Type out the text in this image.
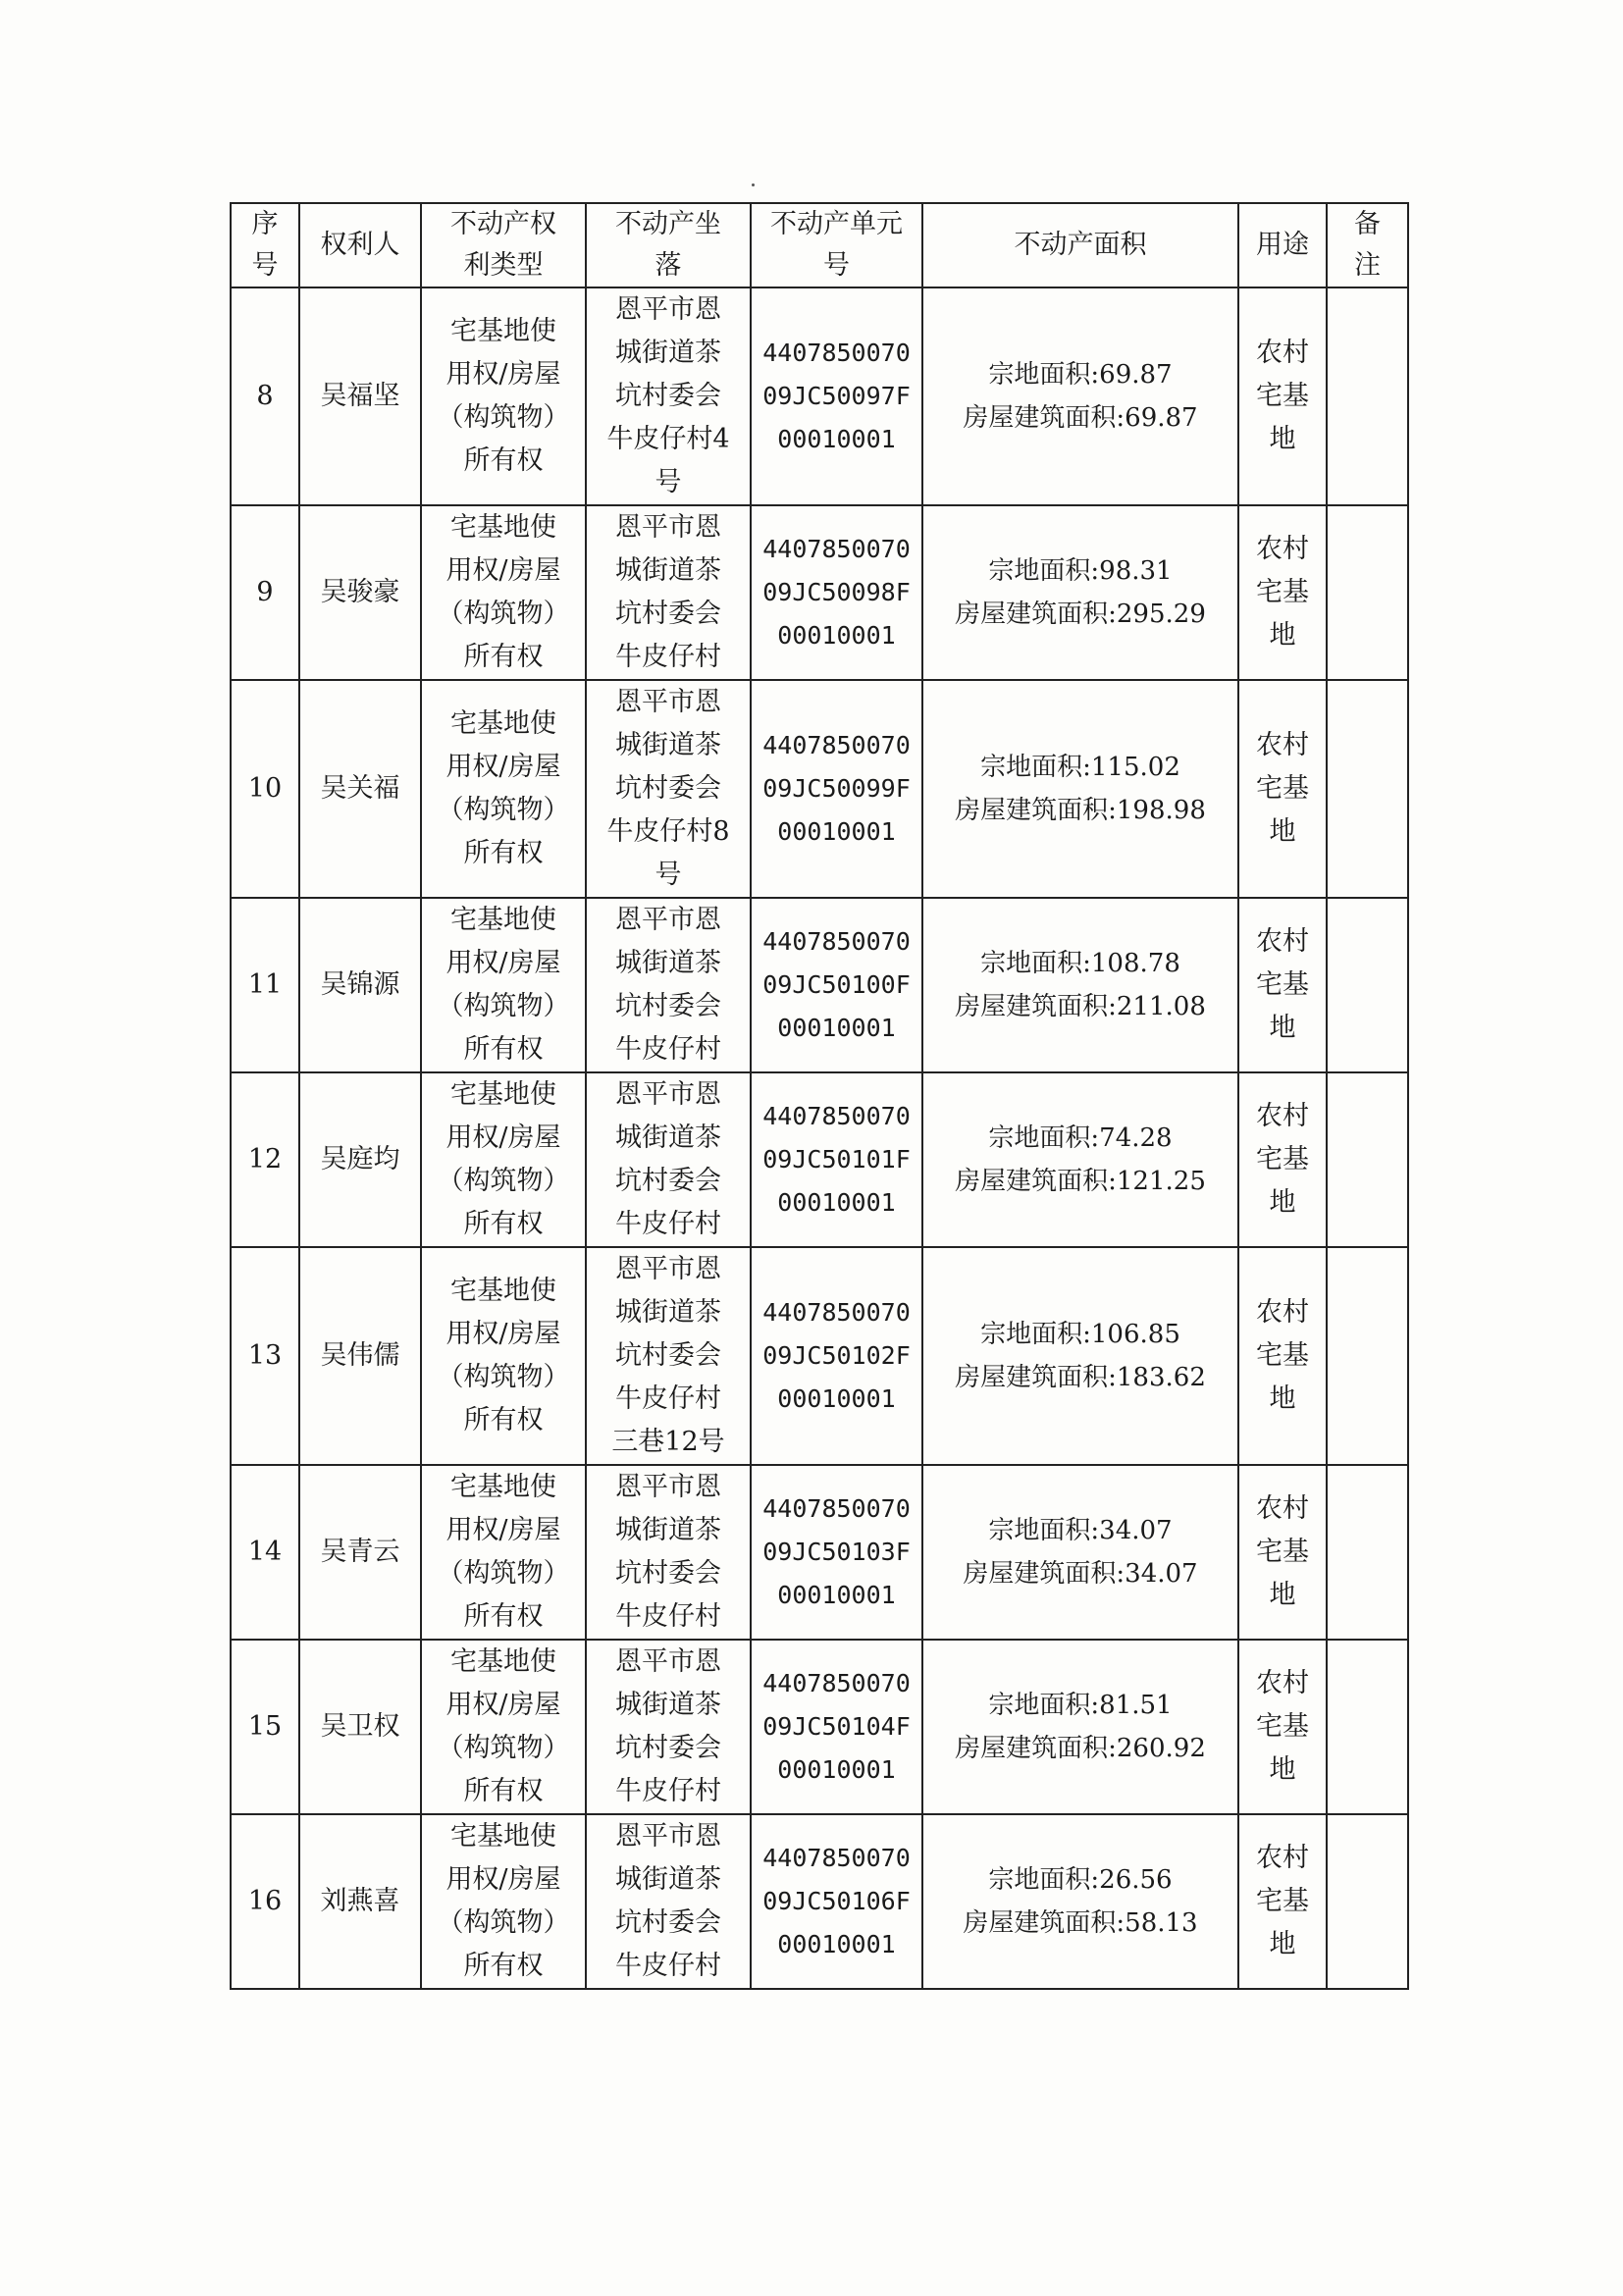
序
号	权利人	不动产权
利类型	不动产坐
落	不动产单元
号	不动产面积	用途	备
注

8	吴福坚	宅基地使
用权/房屋
（构筑物）
所有权	恩平市恩
城街道茶
坑村委会
牛皮仔村4
号	4407850070
09JC50097F
00010001	宗地面积:69.87
房屋建筑面积:69.87	农村
宅基
地	

9	吴骏豪	宅基地使
用权/房屋
（构筑物）
所有权	恩平市恩
城街道茶
坑村委会
牛皮仔村	4407850070
09JC50098F
00010001	宗地面积:98.31
房屋建筑面积:295.29	农村
宅基
地	

10	吴关福	宅基地使
用权/房屋
（构筑物）
所有权	恩平市恩
城街道茶
坑村委会
牛皮仔村8
号	4407850070
09JC50099F
00010001	宗地面积:115.02
房屋建筑面积:198.98	农村
宅基
地	

11	吴锦源	宅基地使
用权/房屋
（构筑物）
所有权	恩平市恩
城街道茶
坑村委会
牛皮仔村	4407850070
09JC50100F
00010001	宗地面积:108.78
房屋建筑面积:211.08	农村
宅基
地	

12	吴庭均	宅基地使
用权/房屋
（构筑物）
所有权	恩平市恩
城街道茶
坑村委会
牛皮仔村	4407850070
09JC50101F
00010001	宗地面积:74.28
房屋建筑面积:121.25	农村
宅基
地	

13	吴伟儒	宅基地使
用权/房屋
（构筑物）
所有权	恩平市恩
城街道茶
坑村委会
牛皮仔村
三巷12号	4407850070
09JC50102F
00010001	宗地面积:106.85
房屋建筑面积:183.62	农村
宅基
地	

14	吴青云	宅基地使
用权/房屋
（构筑物）
所有权	恩平市恩
城街道茶
坑村委会
牛皮仔村	4407850070
09JC50103F
00010001	宗地面积:34.07
房屋建筑面积:34.07	农村
宅基
地	

15	吴卫权	宅基地使
用权/房屋
（构筑物）
所有权	恩平市恩
城街道茶
坑村委会
牛皮仔村	4407850070
09JC50104F
00010001	宗地面积:81.51
房屋建筑面积:260.92	农村
宅基
地	

16	刘燕喜	宅基地使
用权/房屋
（构筑物）
所有权	恩平市恩
城街道茶
坑村委会
牛皮仔村	4407850070
09JC50106F
00010001	宗地面积:26.56
房屋建筑面积:58.13	农村
宅基
地	
